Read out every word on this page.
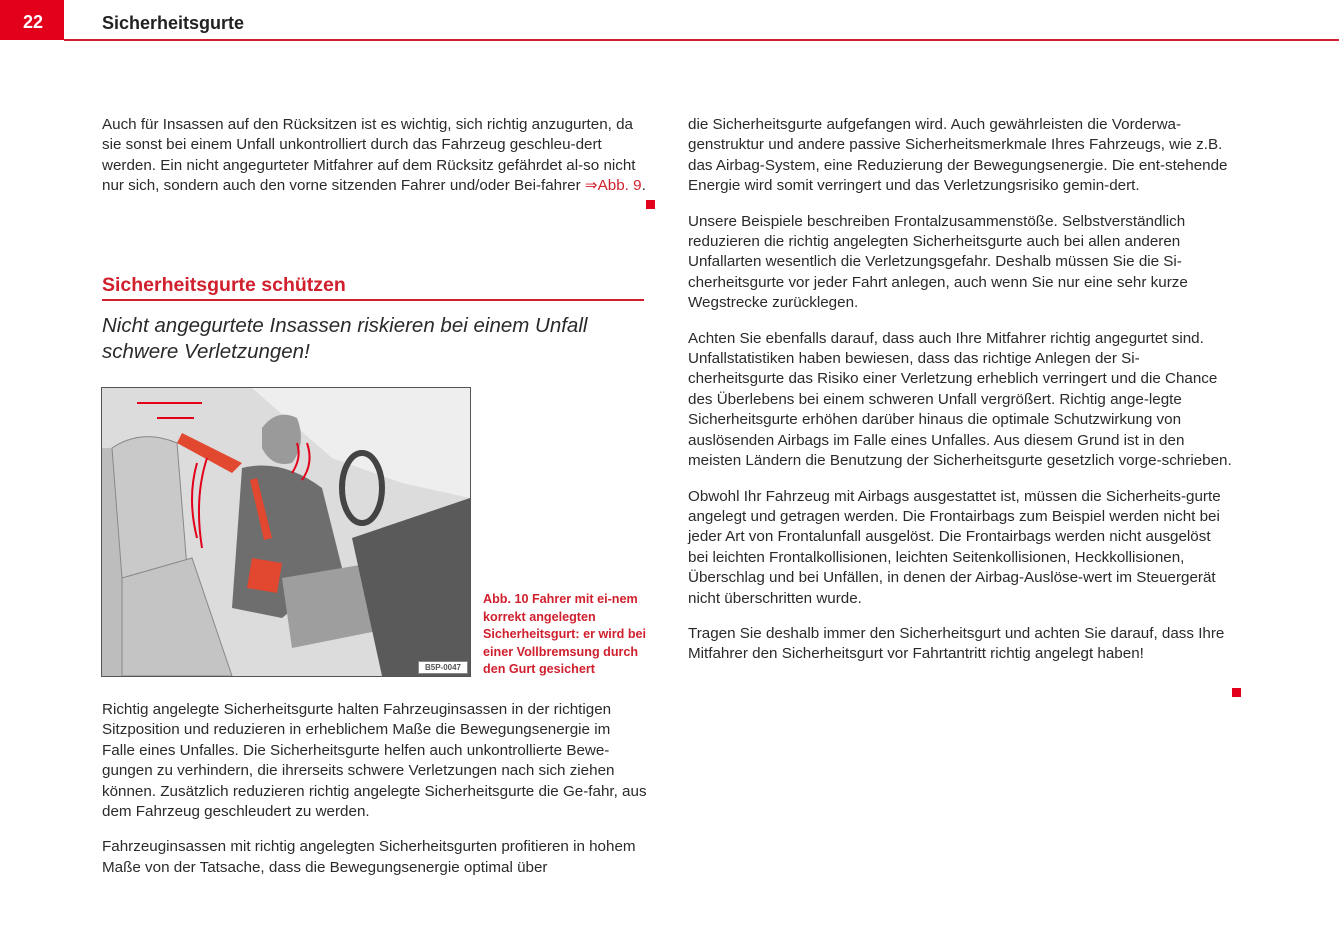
22	Sicherheitsgurte

Auch für Insassen auf den Rücksitzen ist es wichtig, sich richtig anzugurten, da sie sonst bei einem Unfall unkontrolliert durch das Fahrzeug geschleu-dert werden. Ein nicht angegurteter Mitfahrer auf dem Rücksitz gefährdet al-so nicht nur sich, sondern auch den vorne sitzenden Fahrer und/oder Bei-fahrer ⇒Abb. 9.

Sicherheitsgurte schützen
Nicht angegurtete Insassen riskieren bei einem Unfall schwere Verletzungen!
B5P-0047
Abb. 10 Fahrer mit ei-nem korrekt angelegten Sicherheitsgurt: er wird bei einer Vollbremsung durch den Gurt gesichert

Richtig angelegte Sicherheitsgurte halten Fahrzeuginsassen in der richtigen Sitzposition und reduzieren in erheblichem Maße die Bewegungsenergie im Falle eines Unfalles. Die Sicherheitsgurte helfen auch unkontrollierte Bewe-gungen zu verhindern, die ihrerseits schwere Verletzungen nach sich ziehen können. Zusätzlich reduzieren richtig angelegte Sicherheitsgurte die Ge-fahr, aus dem Fahrzeug geschleudert zu werden.

Fahrzeuginsassen mit richtig angelegten Sicherheitsgurten profitieren in hohem Maße von der Tatsache, dass die Bewegungsenergie optimal über

die Sicherheitsgurte aufgefangen wird. Auch gewährleisten die Vorderwa-genstruktur und andere passive Sicherheitsmerkmale Ihres Fahrzeugs, wie z.B. das Airbag-System, eine Reduzierung der Bewegungsenergie. Die ent-stehende Energie wird somit verringert und das Verletzungsrisiko gemin-dert.

Unsere Beispiele beschreiben Frontalzusammenstöße. Selbstverständlich reduzieren die richtig angelegten Sicherheitsgurte auch bei allen anderen Unfallarten wesentlich die Verletzungsgefahr. Deshalb müssen Sie die Si-cherheitsgurte vor jeder Fahrt anlegen, auch wenn Sie nur eine sehr kurze Wegstrecke zurücklegen.

Achten Sie ebenfalls darauf, dass auch Ihre Mitfahrer richtig angegurtet sind. Unfallstatistiken haben bewiesen, dass das richtige Anlegen der Si-cherheitsgurte das Risiko einer Verletzung erheblich verringert und die Chance des Überlebens bei einem schweren Unfall vergrößert. Richtig ange-legte Sicherheitsgurte erhöhen darüber hinaus die optimale Schutzwirkung von auslösenden Airbags im Falle eines Unfalles. Aus diesem Grund ist in den meisten Ländern die Benutzung der Sicherheitsgurte gesetzlich vorge-schrieben.

Obwohl Ihr Fahrzeug mit Airbags ausgestattet ist, müssen die Sicherheits-gurte angelegt und getragen werden. Die Frontairbags zum Beispiel werden nicht bei jeder Art von Frontalunfall ausgelöst. Die Frontairbags werden nicht ausgelöst bei leichten Frontalkollisionen, leichten Seitenkollisionen, Heckkollisionen, Überschlag und bei Unfällen, in denen der Airbag-Auslöse-wert im Steuergerät nicht überschritten wurde.

Tragen Sie deshalb immer den Sicherheitsgurt und achten Sie darauf, dass Ihre Mitfahrer den Sicherheitsgurt vor Fahrtantritt richtig angelegt haben!
